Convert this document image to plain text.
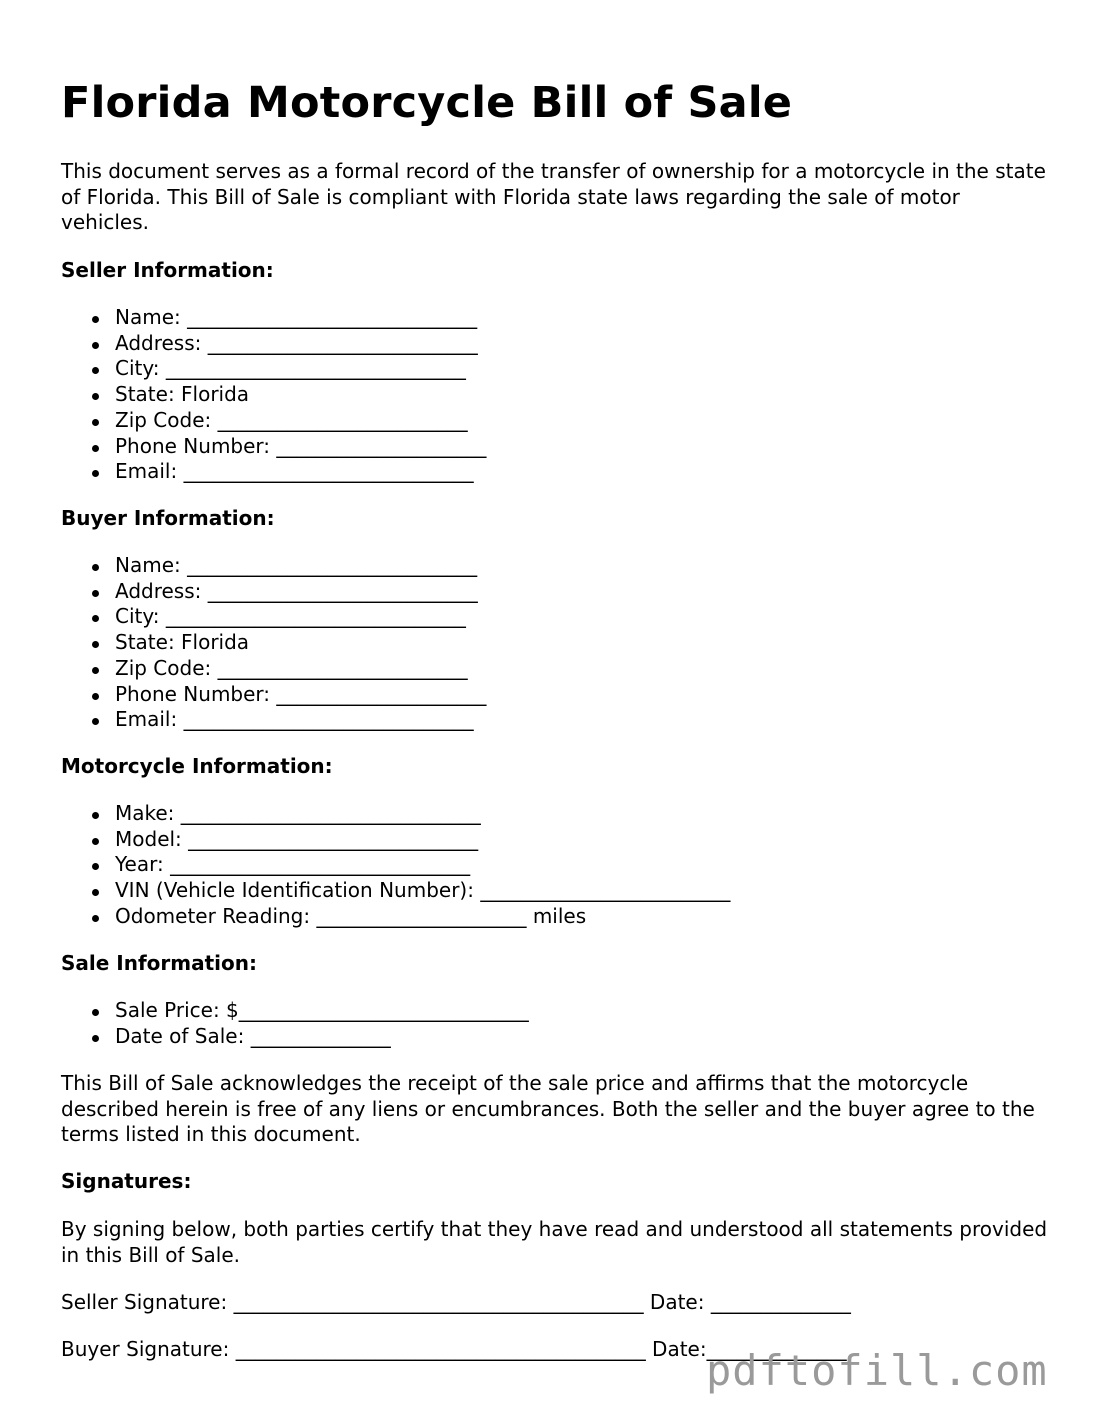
Florida Motorcycle Bill of Sale

This document serves as a formal record of the transfer of ownership for a motorcycle in the state of Florida. This Bill of Sale is compliant with Florida state laws regarding the sale of motor vehicles.

Seller Information:

Name: _____________________________
Address: ___________________________
City: ______________________________
State: Florida
Zip Code: _________________________
Phone Number: _____________________
Email: _____________________________

Buyer Information:

Name: _____________________________
Address: ___________________________
City: ______________________________
State: Florida
Zip Code: _________________________
Phone Number: _____________________
Email: _____________________________

Motorcycle Information:

Make: ______________________________
Model: _____________________________
Year: ______________________________
VIN (Vehicle Identification Number): _________________________
Odometer Reading: _____________________ miles

Sale Information:

Sale Price: $_____________________________
Date of Sale: ______________

This Bill of Sale acknowledges the receipt of the sale price and affirms that the motorcycle described herein is free of any liens or encumbrances. Both the seller and the buyer agree to the terms listed in this document.

Signatures:

By signing below, both parties certify that they have read and understood all statements provided in this Bill of Sale.

Seller Signature: _________________________________________ Date: ______________

Buyer Signature: _________________________________________ Date:______________

pdftofill.com
